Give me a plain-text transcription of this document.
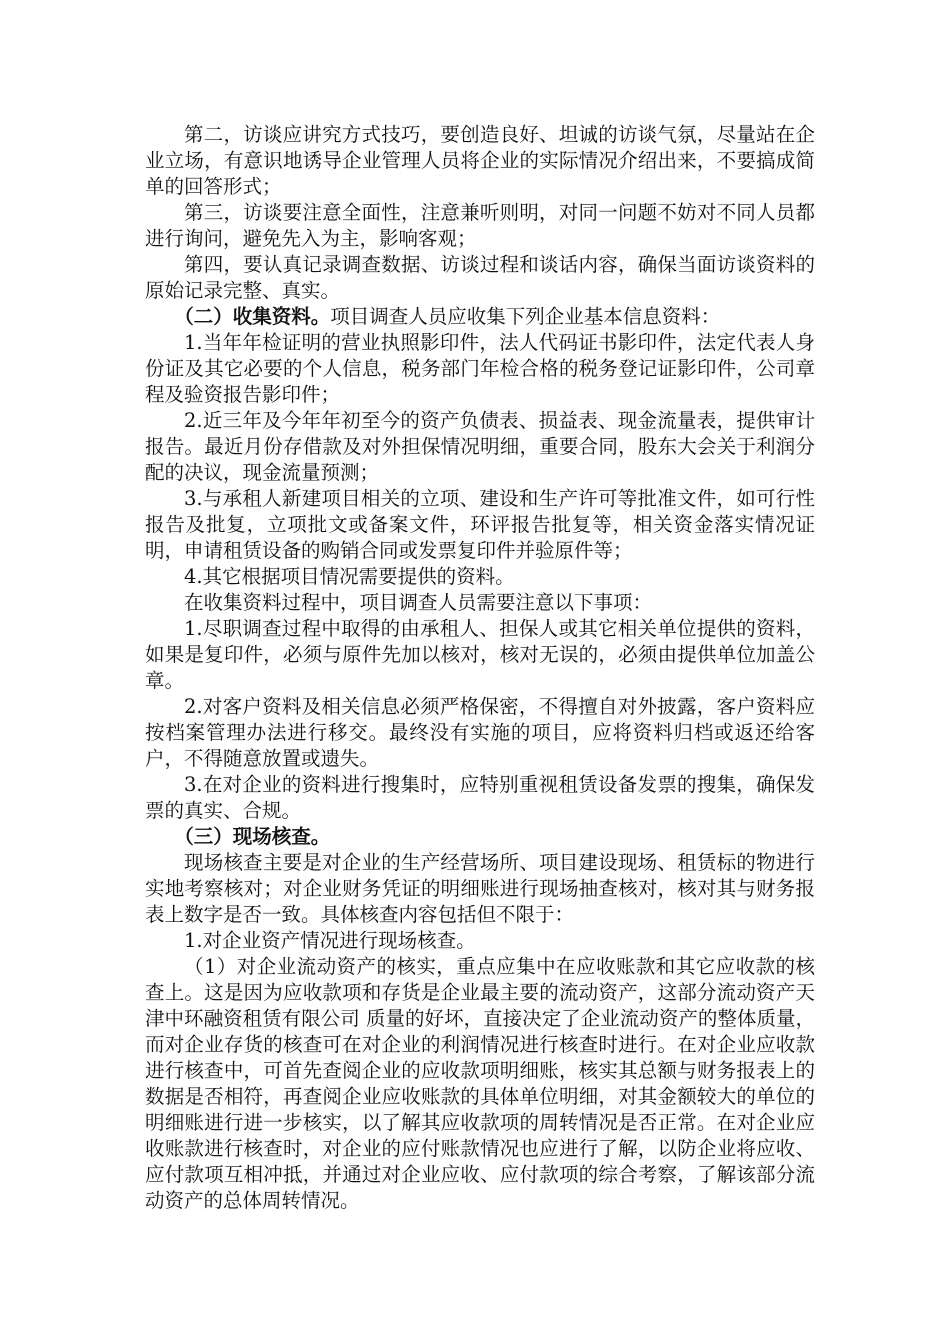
第二，访谈应讲究方式技巧，要创造良好、坦诚的访谈气氛，尽量站在企业立场，有意识地诱导企业管理人员将企业的实际情况介绍出来，不要搞成简单的回答形式；

第三，访谈要注意全面性，注意兼听则明，对同一问题不妨对不同人员都进行询问，避免先入为主，影响客观；

第四，要认真记录调查数据、访谈过程和谈话内容，确保当面访谈资料的原始记录完整、真实。

（二）收集资料。项目调查人员应收集下列企业基本信息资料：

1.当年年检证明的营业执照影印件，法人代码证书影印件，法定代表人身份证及其它必要的个人信息，税务部门年检合格的税务登记证影印件，公司章程及验资报告影印件；

2.近三年及今年年初至今的资产负债表、损益表、现金流量表，提供审计报告。最近月份存借款及对外担保情况明细，重要合同，股东大会关于利润分配的决议，现金流量预测；

3.与承租人新建项目相关的立项、建设和生产许可等批准文件，如可行性报告及批复，立项批文或备案文件，环评报告批复等，相关资金落实情况证明，申请租赁设备的购销合同或发票复印件并验原件等；

4.其它根据项目情况需要提供的资料。

在收集资料过程中，项目调查人员需要注意以下事项：

1.尽职调查过程中取得的由承租人、担保人或其它相关单位提供的资料，如果是复印件，必须与原件先加以核对，核对无误的，必须由提供单位加盖公章。

2.对客户资料及相关信息必须严格保密，不得擅自对外披露，客户资料应按档案管理办法进行移交。最终没有实施的项目，应将资料归档或返还给客户，不得随意放置或遗失。

3.在对企业的资料进行搜集时，应特别重视租赁设备发票的搜集，确保发票的真实、合规。

（三）现场核查。

现场核查主要是对企业的生产经营场所、项目建设现场、租赁标的物进行实地考察核对；对企业财务凭证的明细账进行现场抽查核对，核对其与财务报表上数字是否一致。具体核查内容包括但不限于：

1.对企业资产情况进行现场核查。

（1）对企业流动资产的核实，重点应集中在应收账款和其它应收款的核查上。这是因为应收款项和存货是企业最主要的流动资产，这部分流动资产天津中环融资租赁有限公司 质量的好坏，直接决定了企业流动资产的整体质量，而对企业存货的核查可在对企业的利润情况进行核查时进行。在对企业应收款进行核查中，可首先查阅企业的应收款项明细账，核实其总额与财务报表上的数据是否相符，再查阅企业应收账款的具体单位明细，对其金额较大的单位的明细账进行进一步核实，以了解其应收款项的周转情况是否正常。在对企业应收账款进行核查时，对企业的应付账款情况也应进行了解，以防企业将应收、应付款项互相冲抵，并通过对企业应收、应付款项的综合考察，了解该部分流动资产的总体周转情况。
